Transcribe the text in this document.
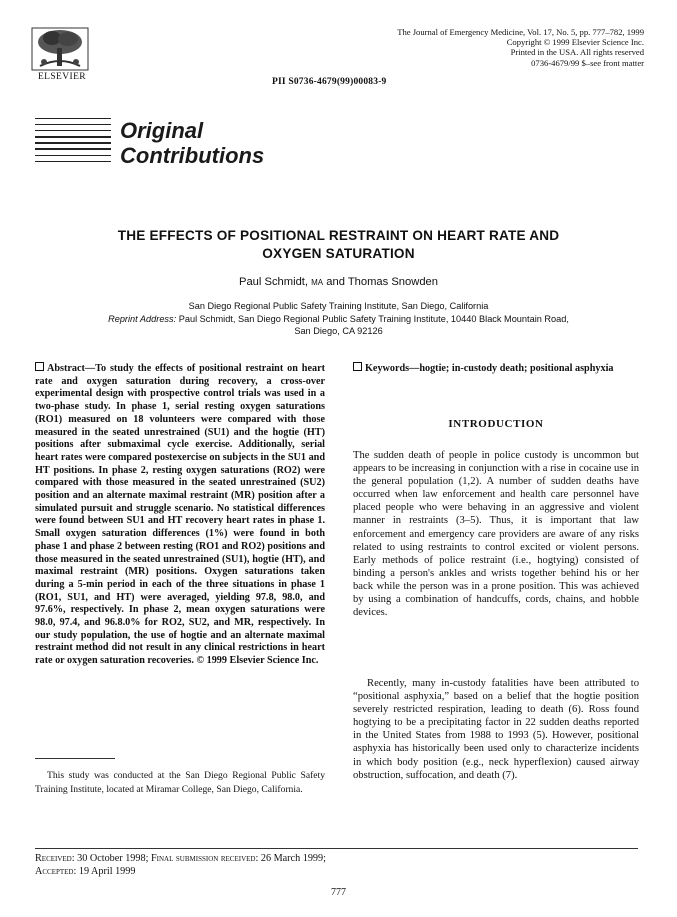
ELSEVIER
The Journal of Emergency Medicine, Vol. 17, No. 5, pp. 777–782, 1999
Copyright © 1999 Elsevier Science Inc.
Printed in the USA. All rights reserved
0736-4679/99 $–see front matter
PII S0736-4679(99)00083-9
Original
Contributions
THE EFFECTS OF POSITIONAL RESTRAINT ON HEART RATE AND
OXYGEN SATURATION
Paul Schmidt, MA and Thomas Snowden
San Diego Regional Public Safety Training Institute, San Diego, California
Reprint Address: Paul Schmidt, San Diego Regional Public Safety Training Institute, 10440 Black Mountain Road,
San Diego, CA 92126
Abstract—To study the effects of positional restraint on heart rate and oxygen saturation during recovery, a cross-over experimental design with prospective control trials was used in a two-phase study. In phase 1, serial resting oxygen saturations (RO1) measured on 18 volunteers were compared with those measured in the seated unrestrained (SU1) and the hogtie (HT) positions after submaximal cycle exercise. Additionally, serial heart rates were compared postexercise on subjects in the SU1 and HT positions. In phase 2, resting oxygen saturations (RO2) were compared with those measured in the seated unrestrained (SU2) position and an alternate maximal restraint (MR) position after a simulated pursuit and struggle scenario. No statistical differences were found between SU1 and HT recovery heart rates in phase 1. Small oxygen saturation differences (1%) were found in both phase 1 and phase 2 between resting (RO1 and RO2) positions and those measured in the seated unrestrained (SU1), hogtie (HT), and maximal restraint (MR) positions. Oxygen saturations taken during a 5-min period in each of the three situations in phase 1 (RO1, SU1, and HT) were averaged, yielding 97.8, 98.0, and 97.6%, respectively. In phase 2, mean oxygen saturations were 98.0, 97.4, and 96.8.0% for RO2, SU2, and MR, respectively. In our study population, the use of hogtie and an alternate maximal restraint method did not result in any clinical restrictions in heart rate or oxygen saturation recoveries. © 1999 Elsevier Science Inc.
This study was conducted at the San Diego Regional Public Safety Training Institute, located at Miramar College, San Diego, California.
Keywords—hogtie; in-custody death; positional asphyxia
INTRODUCTION
The sudden death of people in police custody is uncommon but appears to be increasing in conjunction with a rise in cocaine use in the general population (1,2). A number of sudden deaths have occurred when law enforcement and health care personnel have placed people who were behaving in an aggressive and violent manner in restraints (3–5). Thus, it is important that law enforcement and emergency care providers are aware of any risks related to using restraints to control excited or violent persons. Early methods of police restraint (i.e., hogtying) consisted of binding a person's ankles and wrists together behind his or her back while the person was in a prone position. This was achieved by using a combination of handcuffs, cords, chains, and hobble devices.
Recently, many in-custody fatalities have been attributed to “positional asphyxia,” based on a belief that the hogtie position severely restricted respiration, leading to death (6). Ross found hogtying to be a precipitating factor in 22 sudden deaths reported in the United States from 1988 to 1993 (5). However, positional asphyxia has historically been used only to characterize incidents in which body position (e.g., neck hyperflexion) caused airway obstruction, suffocation, and death (7).
Received: 30 October 1998; Final submission received: 26 March 1999;
Accepted: 19 April 1999
777
